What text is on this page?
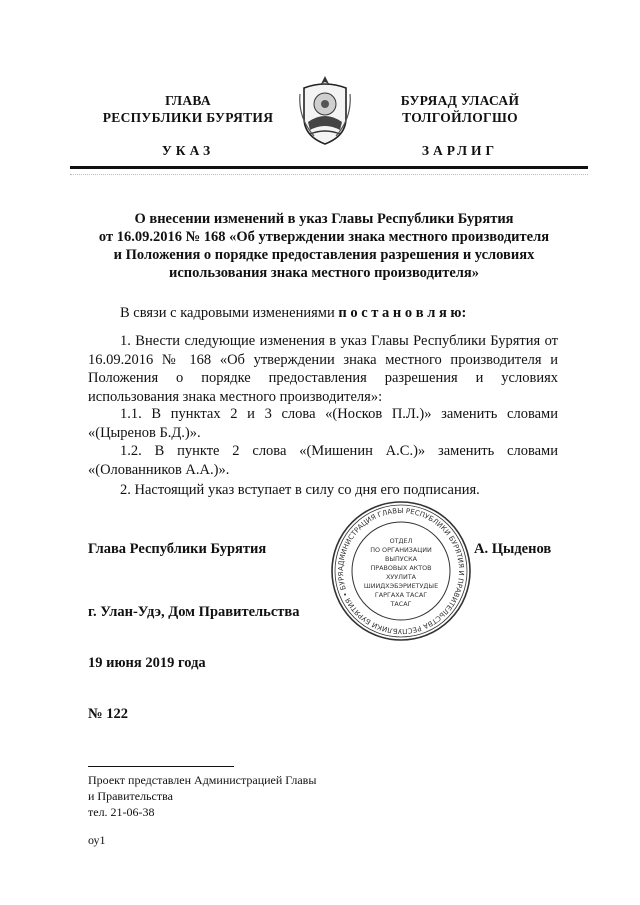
ГЛАВА
РЕСПУБЛИКИ БУРЯТИЯ
БУРЯАД УЛАСАЙ
ТОЛГОЙЛОГШО
УКАЗ	ЗАРЛИГ
О внесении изменений в указ Главы Республики Бурятия
от 16.09.2016 № 168 «Об утверждении знака местного производителя
и Положения о порядке предоставления разрешения и условиях
использования знака местного производителя»
В связи с кадровыми изменениями п о с т а н о в л я ю:
1. Внести следующие изменения в указ Главы Республики Бурятия от 16.09.2016 № 168 «Об утверждении знака местного производителя и Положения о порядке предоставления разрешения и условиях использования знака местного производителя»:
1.1. В пунктах 2 и 3 слова «(Носков П.Л.)» заменить словами «(Цыренов Б.Д.)».
1.2. В пункте 2 слова «(Мишенин А.С.)» заменить словами «(Олованников А.А.)».
2. Настоящий указ вступает в силу со дня его подписания.
Глава Республики Бурятия	А. Цыденов
АДМИНИСТРАЦИЯ ГЛАВЫ РЕСПУБЛИКИ БУРЯТИЯ И ПРАВИТЕЛЬСТВА РЕСПУБЛИКИ БУРЯТИЯ • БУРЯ
ОТДЕЛ
ПО ОРГАНИЗАЦИИ
ВЫПУСКА
ПРАВОВЫХ АКТОВ
ХУУЛИТА
ШИИДХЭБЭРИЕТУДЫЕ
ГАРГАХА ТАСАГ
ТАСАГ
г. Улан-Удэ, Дом Правительства
19 июня 2019 года
№ 122
Проект представлен Администрацией Главы
и Правительства
тел. 21-06-38
оу1
